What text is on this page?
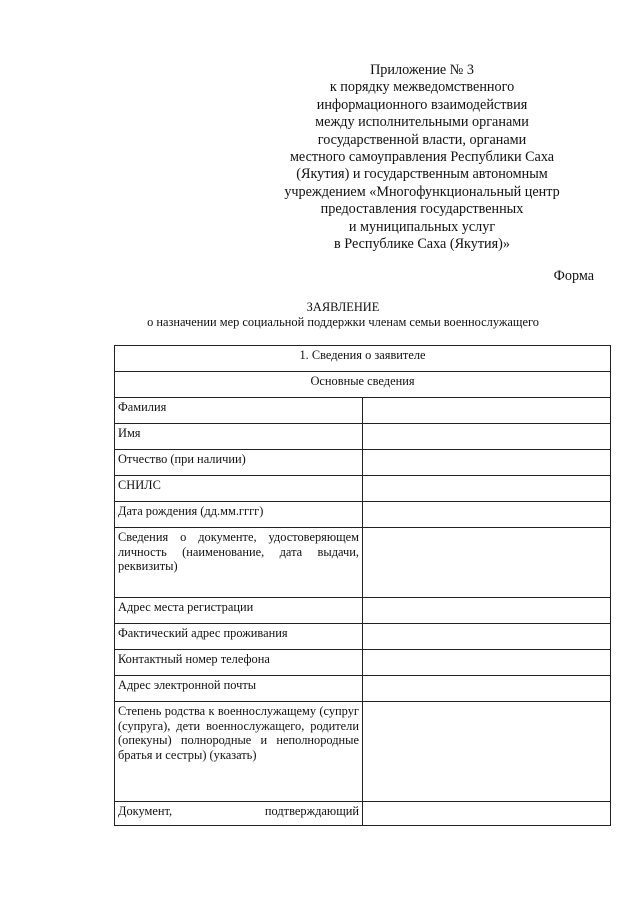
Приложение № 3
к порядку межведомственного
информационного взаимодействия
между исполнительными органами
государственной власти, органами
местного самоуправления Республики Саха
(Якутия) и государственным автономным
учреждением «Многофункциональный центр
предоставления государственных
и муниципальных услуг
в Республике Саха (Якутия)»
Форма
ЗАЯВЛЕНИЕ
о назначении мер социальной поддержки членам семьи военнослужащего
1. Сведения о заявителе	
Основные сведения	
Фамилия	
Имя	
Отчество (при наличии)	
СНИЛС	
Дата рождения (дд.мм.гггг)	
Сведения о документе, удостоверяющем личность (наименование, дата выдачи, реквизиты)	
Адрес места регистрации	
Фактический адрес проживания	
Контактный номер телефона	
Адрес электронной почты	
Степень родства к военнослужащему (супруг (супруга), дети военнослужащего, родители (опекуны) полнородные и неполнородные братья и сестры) (указать)	
Документ, подтверждающий	
